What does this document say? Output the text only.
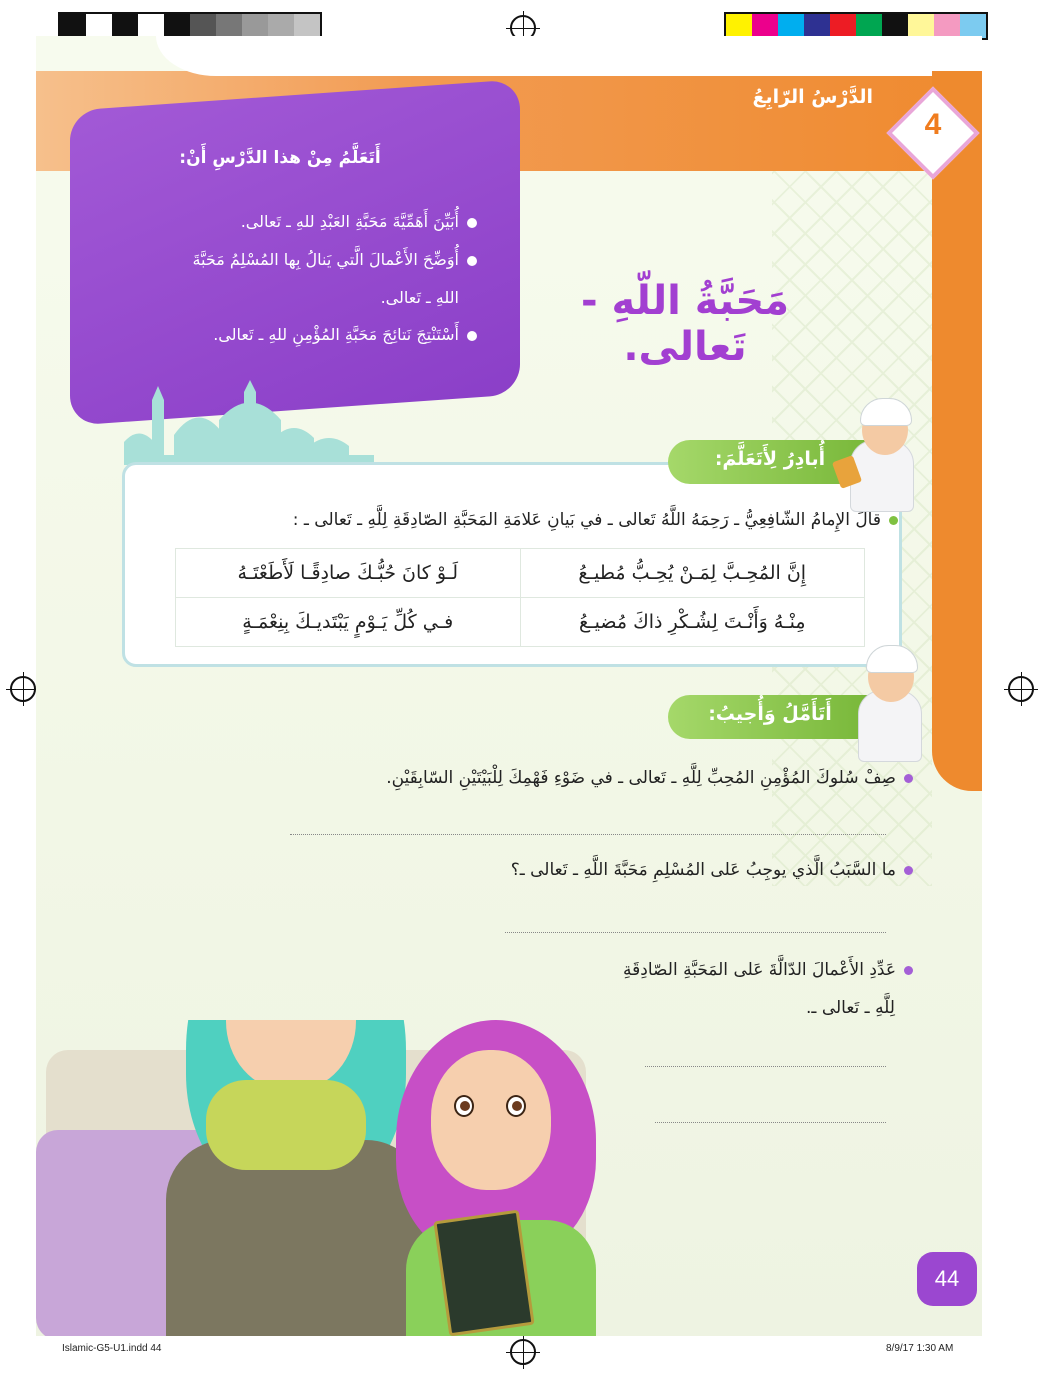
الدَّرْسُ الرّابِعُ
4
أَتَعَلَّمُ مِنْ هذا الدَّرْسِ أَنْ:
أُبَيِّنَ أَهَمِّيَّةَ مَحَبَّةِ العَبْدِ للهِ ـ تَعالى.
أُوَضِّحَ الأَعْمالَ الَّتي يَنالُ بِها المُسْلِمُ مَحَبَّةَ
اللهِ ـ تَعالى.
أَسْتَنْتِجَ نَتائِجَ مَحَبَّةِ المُؤْمِنِ للهِ ـ تَعالى.
مَحَبَّةُ اللّهِ - تَعالى.
أُبادِرُ لِأَتَعَلَّمَ:
قالَ الإِمامُ الشّافِعِيُّ ـ رَحِمَهُ اللَّهُ تَعالى ـ في بَيانِ عَلامَةِ المَحَبَّةِ الصّادِقَةِ لِلَّهِ ـ تَعالى ـ :
لَـوْ كانَ حُبُّـكَ صادِقًـا لَأَطَعْتَـهُ	إِنَّ المُحِـبَّ لِمَـنْ يُحِـبُّ مُطيـعُ
فـي كُلِّ يَـوْمٍ يَبْتَديـكَ بِنِعْمَـةٍ	مِنْـهُ وَأَنْـتَ لِشُـكْرِ ذاكَ مُضيـعُ
أَتَأَمَّلُ وَأُجيبُ:
صِفْ سُلوكَ المُؤْمِنِ المُحِبِّ لِلَّهِ ـ تَعالى ـ في ضَوْءِ فَهْمِكَ لِلْبَيْتَيْنِ السّابِقَيْنِ.
ما السَّبَبُ الَّذي يوجِبُ عَلى المُسْلِمِ مَحَبَّةَ اللَّهِ ـ تَعالى ـ؟
عَدِّدِ الأَعْمالَ الدّالَّةَ عَلى المَحَبَّةِ الصّادِقَةِ
لِلَّهِ ـ تَعالى ـ.
44
Islamic-G5-U1.indd 44	8/9/17 1:30 AM
